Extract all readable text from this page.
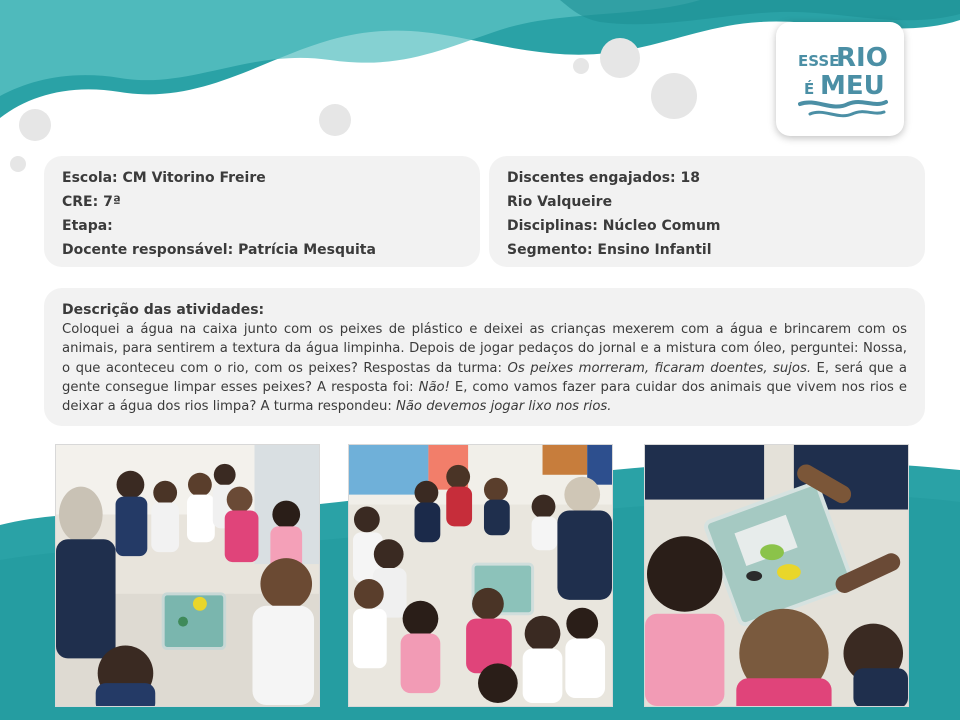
ESSE
RIO
É MEU
Escola: CM Vitorino Freire
CRE: 7ª
Etapa:
Docente responsável: Patrícia Mesquita
Discentes engajados: 18
Rio Valqueire
Disciplinas: Núcleo Comum
Segmento: Ensino Infantil
Descrição das atividades:

Coloquei a água na caixa junto com os peixes de plástico e deixei as crianças mexerem com a água e brincarem com os animais, para sentirem a textura da água limpinha. Depois de jogar pedaços do jornal e a mistura com óleo, perguntei: Nossa, o que aconteceu com o rio, com os peixes? Respostas da turma: Os peixes morreram, ficaram doentes, sujos. E, será que a gente consegue limpar esses peixes? A resposta foi: Não! E, como vamos fazer para cuidar dos animais que vivem nos rios e deixar a água dos rios limpa? A turma respondeu: Não devemos jogar lixo nos rios.
